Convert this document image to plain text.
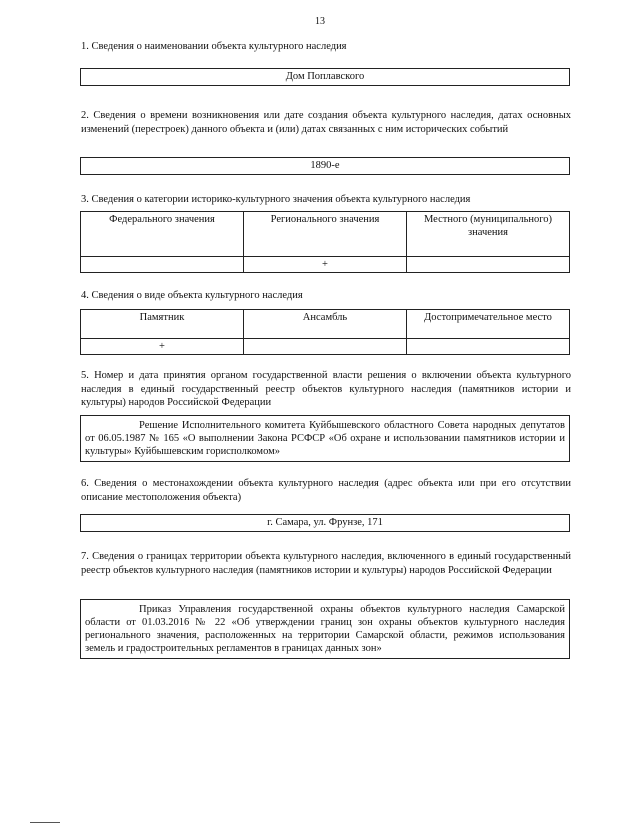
13
1. Сведения о наименовании объекта культурного наследия
Дом Поплавского
2. Сведения о времени возникновения или дате создания объекта культурного наследия, датах основных изменений (перестроек) данного объекта и (или) датах связанных с ним исторических событий
1890-е
3. Сведения о категории историко-культурного значения объекта культурного наследия
Федерального значения	Регионального значения	Местного (муниципального) значения
	+	
4. Сведения о виде объекта культурного наследия
Памятник	Ансамбль	Достопримечательное место
+		
5. Номер и дата принятия органом государственной власти решения о включении объекта культурного наследия в единый государственный реестр объектов культурного наследия (памятников истории и культуры) народов Российской Федерации
Решение Исполнительного комитета Куйбышевского областного Совета народных депутатов от 06.05.1987 № 165 «О выполнении Закона РСФСР «Об охране и использовании памятников истории и культуры» Куйбышевским горисполкомом»
6. Сведения о местонахождении объекта культурного наследия (адрес объекта или при его отсутствии описание местоположения объекта)
г. Самара, ул. Фрунзе, 171
7. Сведения о границах территории объекта культурного наследия, включенного в единый государственный реестр объектов культурного наследия (памятников истории и культуры) народов Российской Федерации
Приказ Управления государственной охраны объектов культурного наследия Самарской области от 01.03.2016 № 22 «Об утверждении границ зон охраны объектов культурного наследия регионального значения, расположенных на территории Самарской области, режимов использования земель и градостроительных регламентов в границах данных зон»
